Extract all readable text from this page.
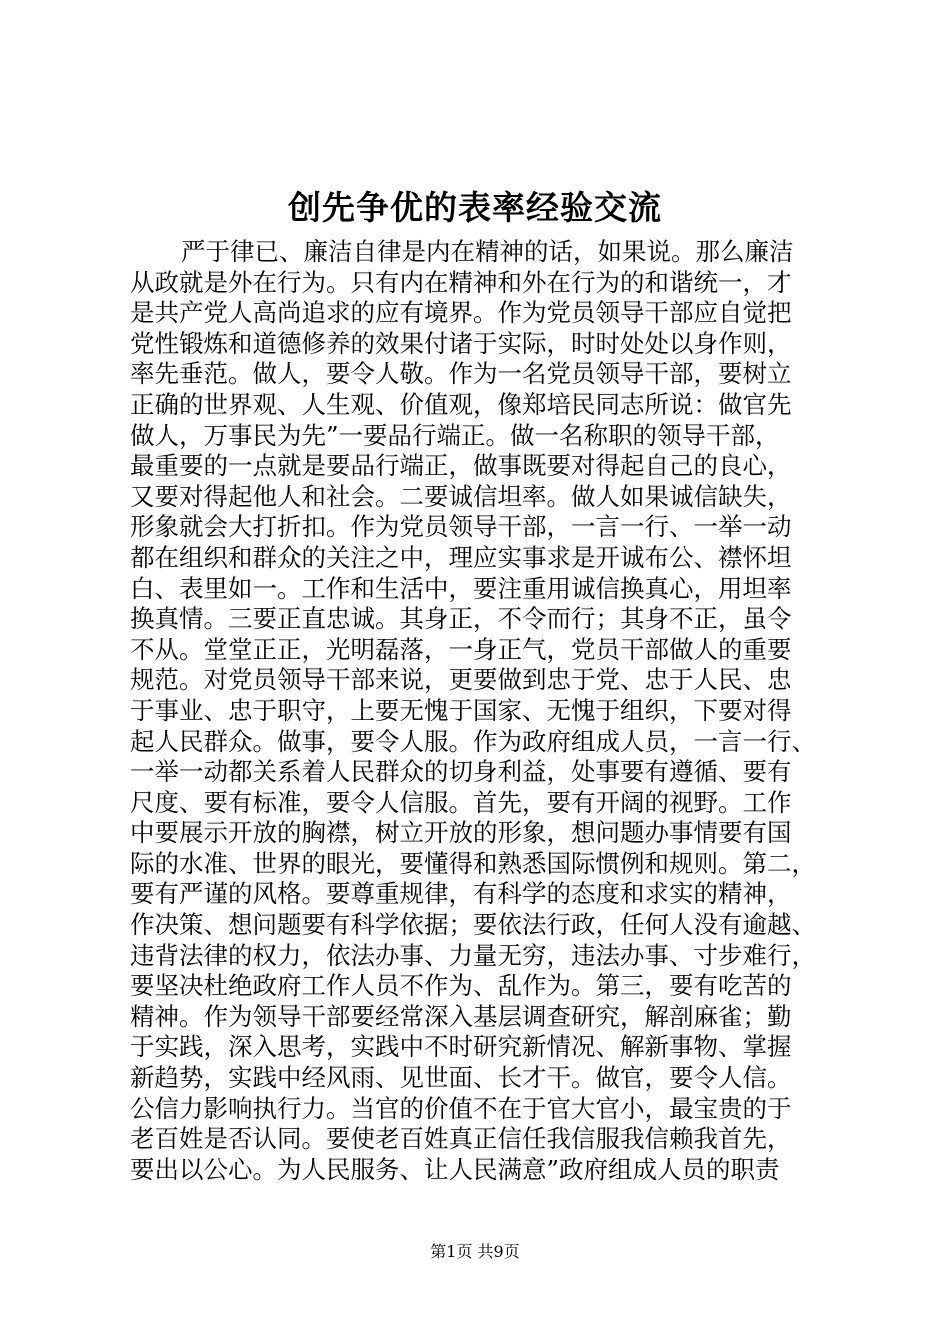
创先争优的表率经验交流
严于律已、廉洁自律是内在精神的话，如果说。那么廉洁
从政就是外在行为。只有内在精神和外在行为的和谐统一，才
是共产党人高尚追求的应有境界。作为党员领导干部应自觉把
党性锻炼和道德修养的效果付诸于实际，时时处处以身作则，
率先垂范。做人，要令人敬。作为一名党员领导干部，要树立
正确的世界观、人生观、价值观，像郑培民同志所说：做官先
做人，万事民为先”一要品行端正。做一名称职的领导干部，
最重要的一点就是要品行端正，做事既要对得起自己的良心，
又要对得起他人和社会。二要诚信坦率。做人如果诚信缺失，
形象就会大打折扣。作为党员领导干部，一言一行、一举一动
都在组织和群众的关注之中，理应实事求是开诚布公、襟怀坦
白、表里如一。工作和生活中，要注重用诚信换真心，用坦率
换真情。三要正直忠诚。其身正，不令而行；其身不正，虽令
不从。堂堂正正，光明磊落，一身正气，党员干部做人的重要
规范。对党员领导干部来说，更要做到忠于党、忠于人民、忠
于事业、忠于职守，上要无愧于国家、无愧于组织，下要对得
起人民群众。做事，要令人服。作为政府组成人员，一言一行、
一举一动都关系着人民群众的切身利益，处事要有遵循、要有
尺度、要有标准，要令人信服。首先，要有开阔的视野。工作
中要展示开放的胸襟，树立开放的形象，想问题办事情要有国
际的水准、世界的眼光，要懂得和熟悉国际惯例和规则。第二，
要有严谨的风格。要尊重规律，有科学的态度和求实的精神，
作决策、想问题要有科学依据；要依法行政，任何人没有逾越、
违背法律的权力，依法办事、力量无穷，违法办事、寸步难行，
要坚决杜绝政府工作人员不作为、乱作为。第三，要有吃苦的
精神。作为领导干部要经常深入基层调查研究，解剖麻雀；勤
于实践，深入思考，实践中不时研究新情况、解新事物、掌握
新趋势，实践中经风雨、见世面、长才干。做官，要令人信。
公信力影响执行力。当官的价值不在于官大官小，最宝贵的于
老百姓是否认同。要使老百姓真正信任我信服我信赖我首先，
要出以公心。为人民服务、让人民满意”政府组成人员的职责
第1页 共9页
